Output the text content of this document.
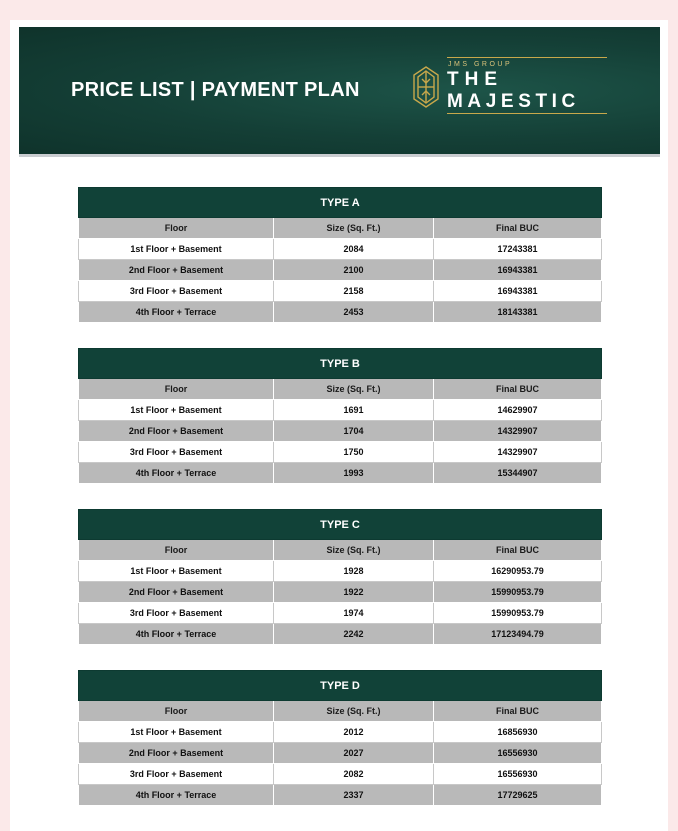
PRICE LIST | PAYMENT PLAN
JMS GROUP
THE
MAJESTIC
TYPE A		
Floor	Size (Sq. Ft.)	Final BUC
1st Floor + Basement	2084	17243381
2nd Floor + Basement	2100	16943381
3rd Floor + Basement	2158	16943381
4th Floor + Terrace	2453	18143381
TYPE B		
Floor	Size (Sq. Ft.)	Final BUC
1st Floor + Basement	1691	14629907
2nd Floor + Basement	1704	14329907
3rd Floor + Basement	1750	14329907
4th Floor + Terrace	1993	15344907
TYPE C		
Floor	Size (Sq. Ft.)	Final BUC
1st Floor + Basement	1928	16290953.79
2nd Floor + Basement	1922	15990953.79
3rd Floor + Basement	1974	15990953.79
4th Floor + Terrace	2242	17123494.79
TYPE D		
Floor	Size (Sq. Ft.)	Final BUC
1st Floor + Basement	2012	16856930
2nd Floor + Basement	2027	16556930
3rd Floor + Basement	2082	16556930
4th Floor + Terrace	2337	17729625
